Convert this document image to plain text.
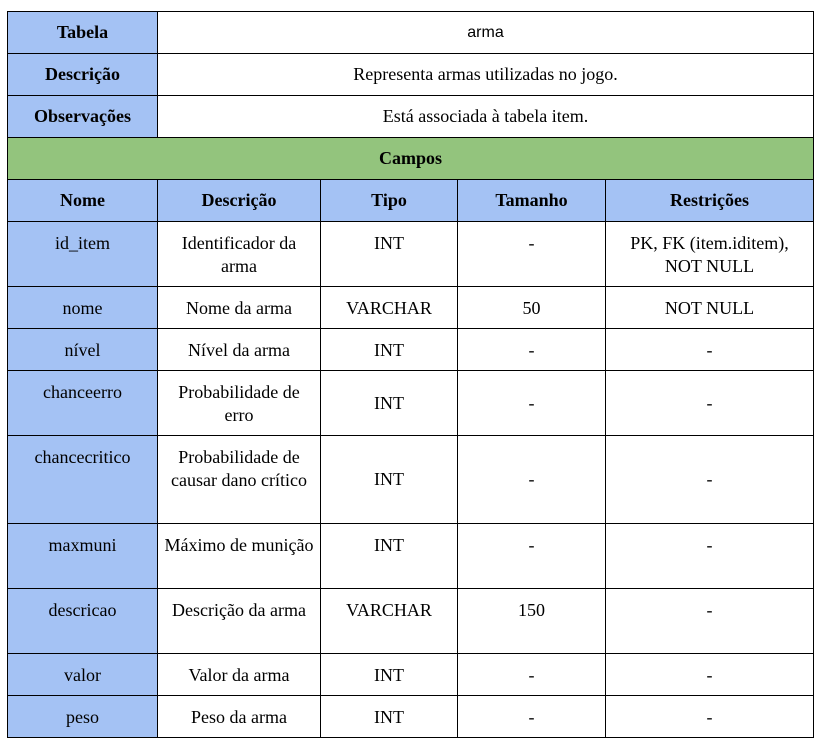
Tabela	arma			
Descrição	Representa armas utilizadas no jogo.			
Observações	Está associada à tabela item.			
Campos				
Nome	Descrição	Tipo	Tamanho	Restrições
id_item	Identificador da arma	INT	-	PK, FK (item.iditem), NOT NULL
nome	Nome da arma	VARCHAR	50	NOT NULL
nível	Nível da arma	INT	-	-
chanceerro	Probabilidade de erro	INT	-	-
chancecritico	Probabilidade de causar dano crítico	INT	-	-
maxmuni	Máximo de munição	INT	-	-
descricao	Descrição da arma	VARCHAR	150	-
valor	Valor da arma	INT	-	-
peso	Peso da arma	INT	-	-
